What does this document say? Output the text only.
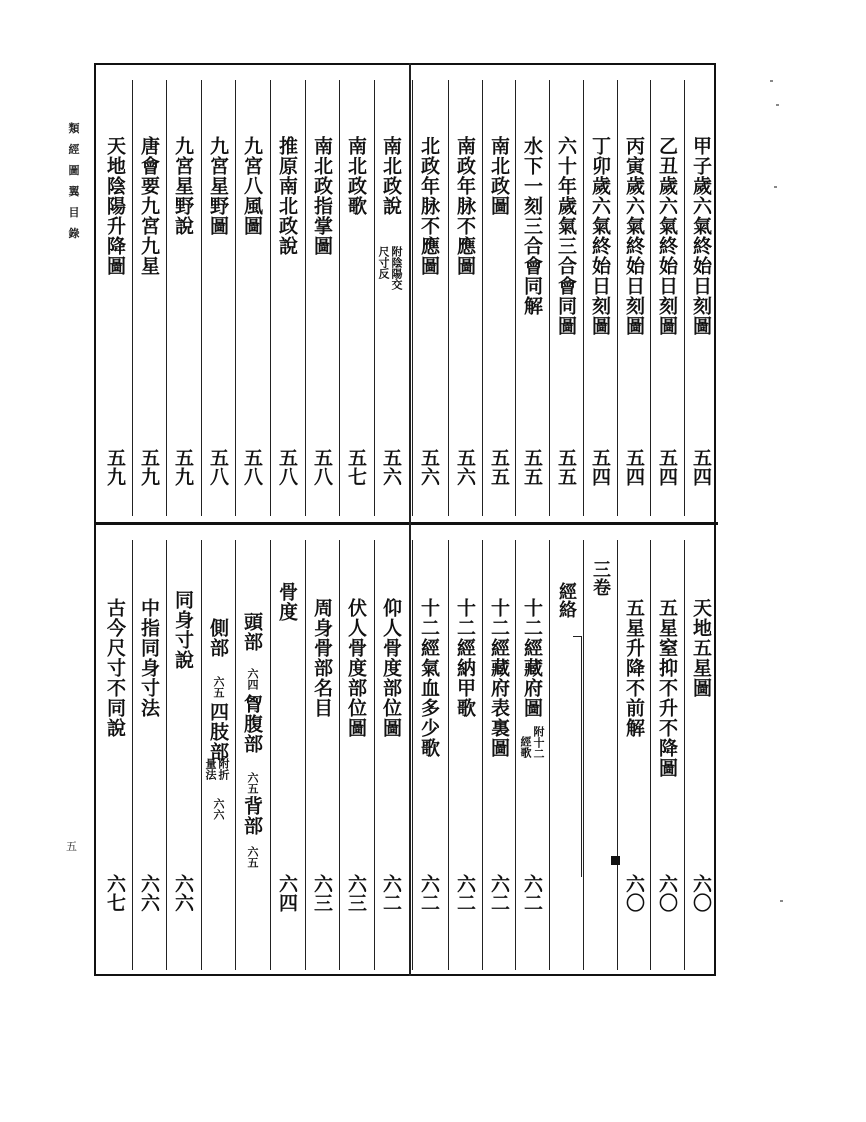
類
經
圖
翼
目
錄
五
甲子歲六氣終始日刻圖
五四
乙丑歲六氣終始日刻圖
五四
丙寅歲六氣終始日刻圖
五四
丁卯歲六氣終始日刻圖
五四
六十年歲氣三合會同圖
五五
水下一刻三合會同解
五五
南北政圖
五五
南政年脉不應圖
五六
北政年脉不應圖
五六
南北政說
附陰陽交
尺寸反
五六
南北政歌
五七
南北政指掌圖
五八
推原南北政說
五八
九宮八風圖
五八
九宮星野圖
五八
九宮星野說
五九
唐會要九宮九星
五九
天地陰陽升降圖
五九
天地五星圖
六〇
五星窒抑不升不降圖
六〇
五星升降不前解
六〇
三卷
經絡
十二經藏府圖
附十二
經歌
六二
十二經藏府表裏圖
六二
十二經納甲歌
六二
十二經氣血多少歌
六二
仰人骨度部位圖
六二
伏人骨度部位圖
六三
周身骨部名目
六三
骨度
六四
頭部
六四
胷腹部
六五
背部
六五
側部
六五
四肢部
附折
量法
六六
同身寸說
六六
中指同身寸法
六六
古今尺寸不同說
六七
